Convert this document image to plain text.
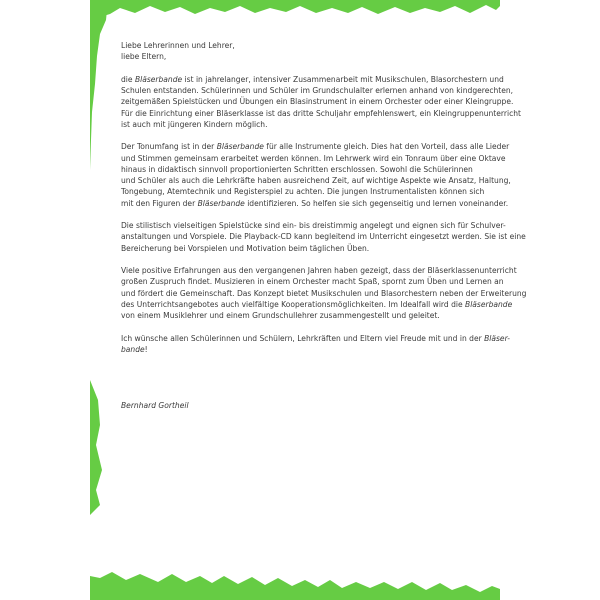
Liebe Lehrerinnen und Lehrer,
liebe Eltern,
die Bläserbande ist in jahrelanger, intensiver Zusammenarbeit mit Musikschulen, Blasorchestern und
Schulen entstanden. Schülerinnen und Schüler im Grundschulalter erlernen anhand von kindgerechten,
zeitgemäßen Spielstücken und Übungen ein Blasinstrument in einem Orchester oder einer Kleingruppe.
Für die Einrichtung einer Bläserklasse ist das dritte Schuljahr empfehlenswert, ein Kleingruppenunterricht
ist auch mit jüngeren Kindern möglich.
Der Tonumfang ist in der Bläserbande für alle Instrumente gleich. Dies hat den Vorteil, dass alle Lieder
und Stimmen gemeinsam erarbeitet werden können. Im Lehrwerk wird ein Tonraum über eine Oktave
hinaus in didaktisch sinnvoll proportionierten Schritten erschlossen. Sowohl die Schülerinnen
und Schüler als auch die Lehrkräfte haben ausreichend Zeit, auf wichtige Aspekte wie Ansatz, Haltung,
Tongebung, Atemtechnik und Registerspiel zu achten. Die jungen Instrumentalisten können sich
mit den Figuren der Bläserbande identifizieren. So helfen sie sich gegenseitig und lernen voneinander.
Die stilistisch vielseitigen Spielstücke sind ein- bis dreistimmig angelegt und eignen sich für Schulver-
anstaltungen und Vorspiele. Die Playback-CD kann begleitend im Unterricht eingesetzt werden. Sie ist eine
Bereicherung bei Vorspielen und Motivation beim täglichen Üben.
Viele positive Erfahrungen aus den vergangenen Jahren haben gezeigt, dass der Bläserklassenunterricht
großen Zuspruch findet. Musizieren in einem Orchester macht Spaß, spornt zum Üben und Lernen an
und fördert die Gemeinschaft. Das Konzept bietet Musikschulen und Blasorchestern neben der Erweiterung
des Unterrichtsangebotes auch vielfältige Kooperationsmöglichkeiten. Im Idealfall wird die Bläserbande
von einem Musiklehrer und einem Grundschullehrer zusammengestellt und geleitet.
Ich wünsche allen Schülerinnen und Schülern, Lehrkräften und Eltern viel Freude mit und in der Bläser-
bande!
Bernhard Gortheil
